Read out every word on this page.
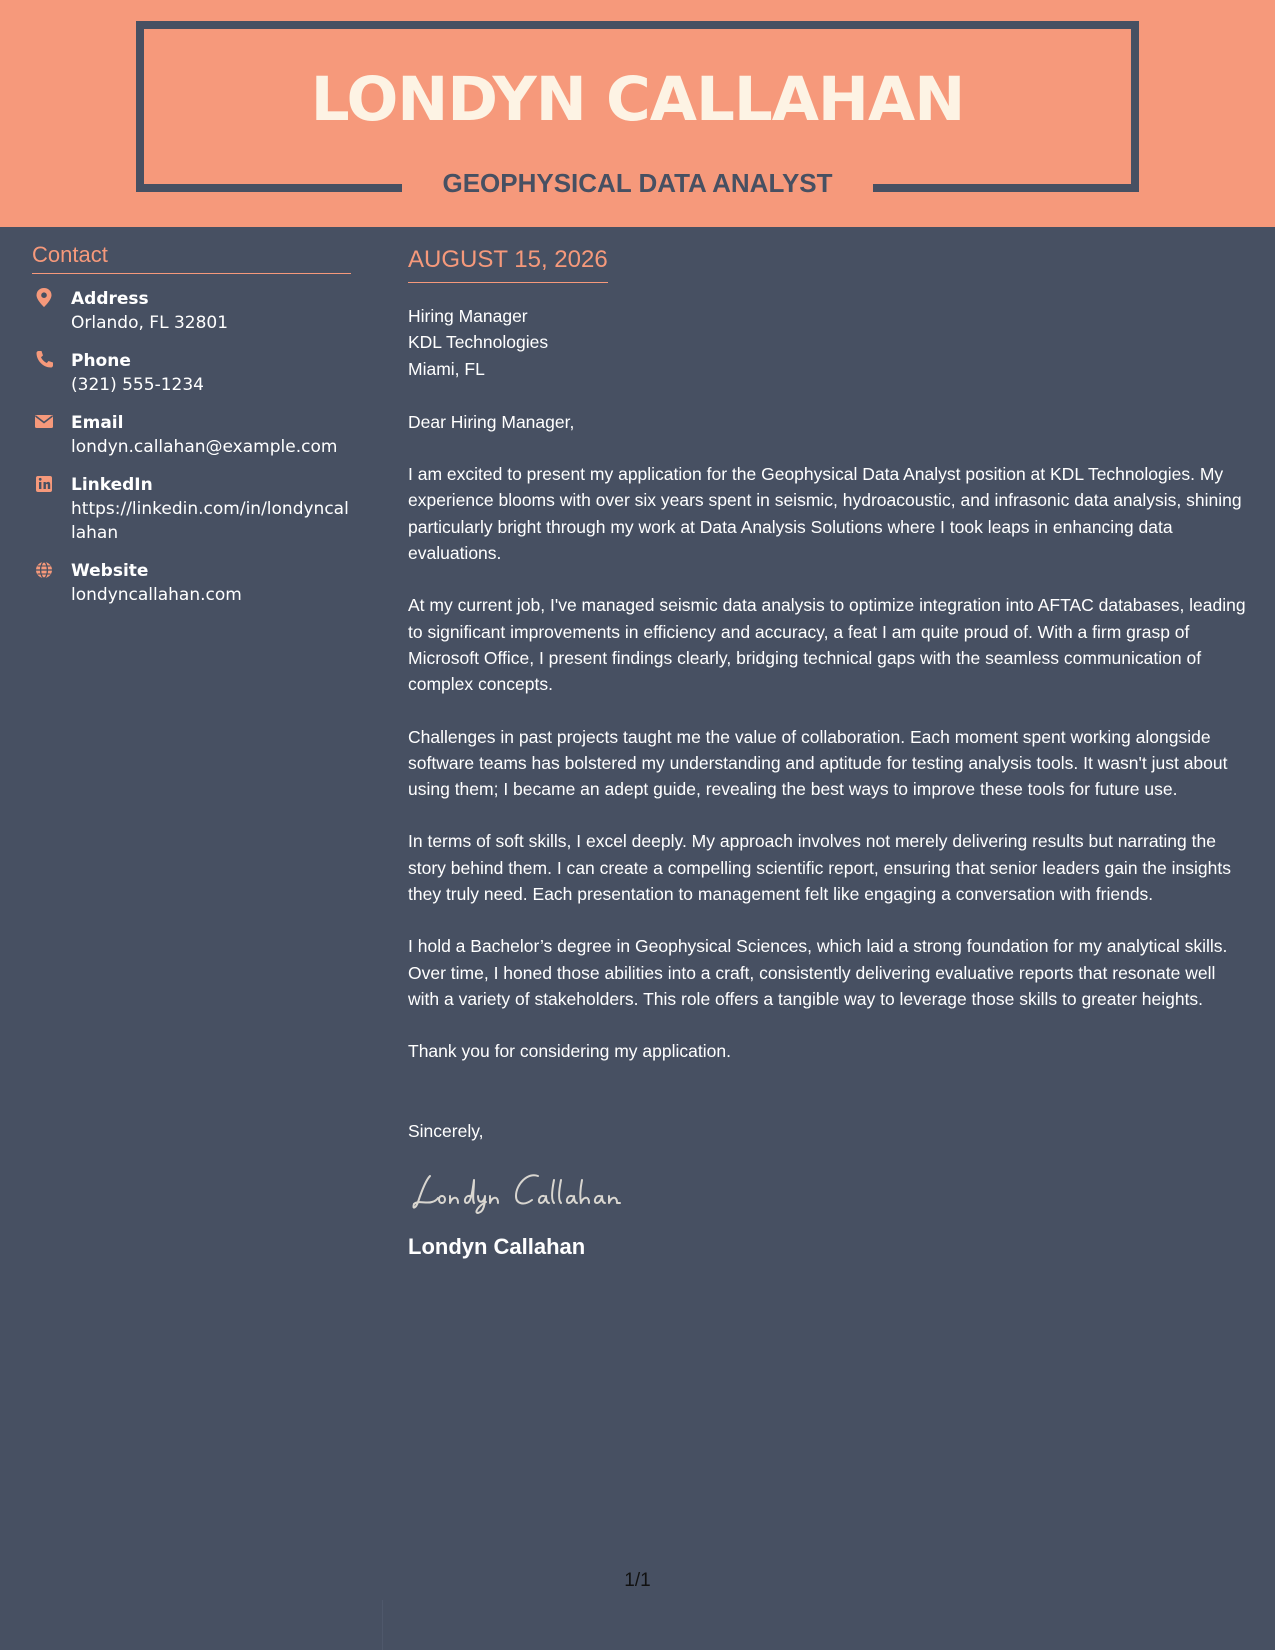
LONDYN CALLAHAN
GEOPHYSICAL DATA ANALYST
Contact
Address
Orlando, FL 32801
Phone
(321) 555-1234
Email
londyn.callahan@example.com
LinkedIn
https://linkedin.com/in/londyncallahan
Website
londyncallahan.com
AUGUST 15, 2026
Hiring Manager
KDL Technologies
Miami, FL
Dear Hiring Manager,

I am excited to present my application for the Geophysical Data Analyst position at KDL Technologies. My experience blooms with over six years spent in seismic, hydroacoustic, and infrasonic data analysis, shining particularly bright through my work at Data Analysis Solutions where I took leaps in enhancing data evaluations.

At my current job, I've managed seismic data analysis to optimize integration into AFTAC databases, leading to significant improvements in efficiency and accuracy, a feat I am quite proud of. With a firm grasp of Microsoft Office, I present findings clearly, bridging technical gaps with the seamless communication of complex concepts.

Challenges in past projects taught me the value of collaboration. Each moment spent working alongside software teams has bolstered my understanding and aptitude for testing analysis tools. It wasn't just about using them; I became an adept guide, revealing the best ways to improve these tools for future use.

In terms of soft skills, I excel deeply. My approach involves not merely delivering results but narrating the story behind them. I can create a compelling scientific report, ensuring that senior leaders gain the insights they truly need. Each presentation to management felt like engaging a conversation with friends.

I hold a Bachelor’s degree in Geophysical Sciences, which laid a strong foundation for my analytical skills. Over time, I honed those abilities into a craft, consistently delivering evaluative reports that resonate well with a variety of stakeholders. This role offers a tangible way to leverage those skills to greater heights.

Thank you for considering my application.
Sincerely,
Londyn Callahan
1/1
